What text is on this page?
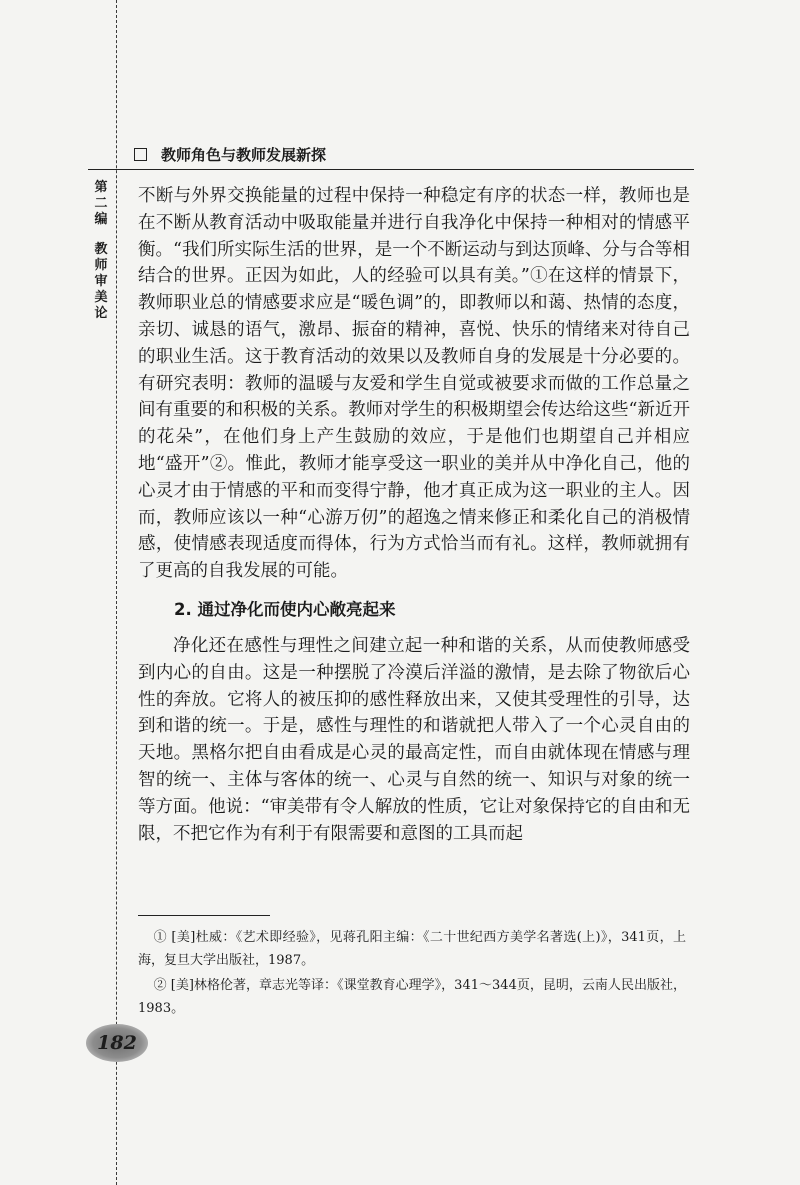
教师角色与教师发展新探
第二编
教师审美论

不断与外界交换能量的过程中保持一种稳定有序的状态一样，教师也是在不断从教育活动中吸取能量并进行自我净化中保持一种相对的情感平衡。“我们所实际生活的世界，是一个不断运动与到达顶峰、分与合等相结合的世界。正因为如此，人的经验可以具有美。”①在这样的情景下，教师职业总的情感要求应是“暖色调”的，即教师以和蔼、热情的态度，亲切、诚恳的语气，激昂、振奋的精神，喜悦、快乐的情绪来对待自己的职业生活。这于教育活动的效果以及教师自身的发展是十分必要的。有研究表明：教师的温暖与友爱和学生自觉或被要求而做的工作总量之间有重要的和积极的关系。教师对学生的积极期望会传达给这些“新近开的花朵”，在他们身上产生鼓励的效应，于是他们也期望自己并相应地“盛开”②。惟此，教师才能享受这一职业的美并从中净化自己，他的心灵才由于情感的平和而变得宁静，他才真正成为这一职业的主人。因而，教师应该以一种“心游万仞”的超逸之情来修正和柔化自己的消极情感，使情感表现适度而得体，行为方式恰当而有礼。这样，教师就拥有了更高的自我发展的可能。

2. 通过净化而使内心敞亮起来

净化还在感性与理性之间建立起一种和谐的关系，从而使教师感受到内心的自由。这是一种摆脱了冷漠后洋溢的激情，是去除了物欲后心性的奔放。它将人的被压抑的感性释放出来，又使其受理性的引导，达到和谐的统一。于是，感性与理性的和谐就把人带入了一个心灵自由的天地。黑格尔把自由看成是心灵的最高定性，而自由就体现在情感与理智的统一、主体与客体的统一、心灵与自然的统一、知识与对象的统一等方面。他说：“审美带有令人解放的性质，它让对象保持它的自由和无限，不把它作为有利于有限需要和意图的工具而起

① [美]杜威：《艺术即经验》，见蒋孔阳主编：《二十世纪西方美学名著选(上)》，341页，上海，复旦大学出版社，1987。

② [美]林格伦著，章志光等译：《课堂教育心理学》，341～344页，昆明，云南人民出版社，1983。

182
